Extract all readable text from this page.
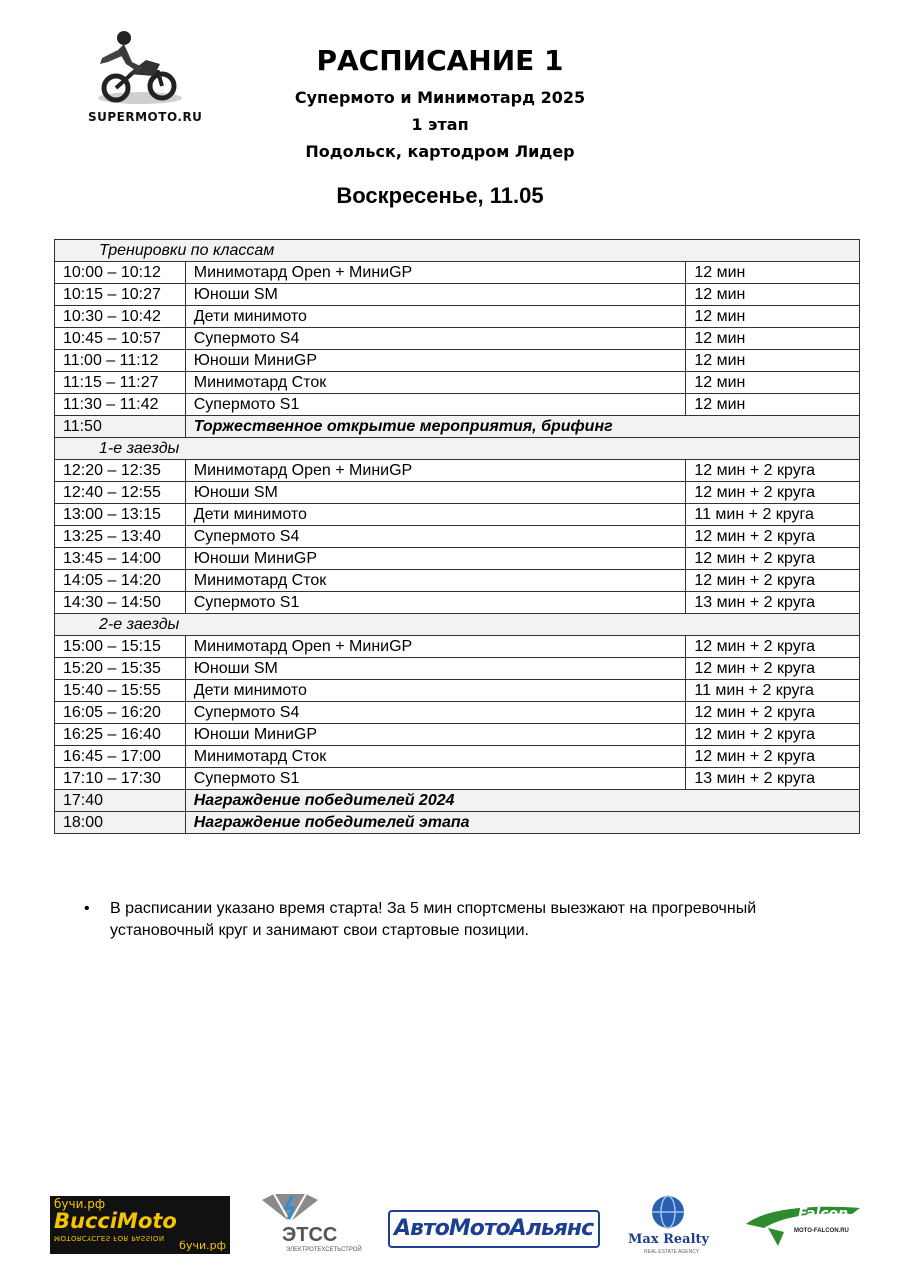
SUPERMOTO.RU
РАСПИСАНИЕ 1
Супермото и Минимотард 2025
1 этап
Подольск, картодром Лидер
Воскресенье, 11.05
Тренировки по классам		
10:00 – 10:12	Минимотард Open + МиниGP	12 мин
10:15 – 10:27	Юноши SM	12 мин
10:30 – 10:42	Дети минимото	12 мин
10:45 – 10:57	Супермото S4	12 мин
11:00 – 11:12	Юноши МиниGP	12 мин
11:15 – 11:27	Минимотард Сток	12 мин
11:30 – 11:42	Супермото S1	12 мин
11:50	Торжественное открытие мероприятия, брифинг	
1-е заезды		
12:20 – 12:35	Минимотард Open + МиниGP	12 мин + 2 круга
12:40 – 12:55	Юноши SM	12 мин + 2 круга
13:00 – 13:15	Дети минимото	11 мин + 2 круга
13:25 – 13:40	Супермото S4	12 мин + 2 круга
13:45 – 14:00	Юноши МиниGP	12 мин + 2 круга
14:05 – 14:20	Минимотард Сток	12 мин + 2 круга
14:30 – 14:50	Супермото S1	13 мин + 2 круга
2-е заезды		
15:00 – 15:15	Минимотард Open + МиниGP	12 мин + 2 круга
15:20 – 15:35	Юноши SM	12 мин + 2 круга
15:40 – 15:55	Дети минимото	11 мин + 2 круга
16:05 – 16:20	Супермото S4	12 мин + 2 круга
16:25 – 16:40	Юноши МиниGP	12 мин + 2 круга
16:45 – 17:00	Минимотард Сток	12 мин + 2 круга
17:10 – 17:30	Супермото S1	13 мин + 2 круга
17:40	Награждение победителей 2024	
18:00	Награждение победителей этапа	
• В расписании указано время старта! За 5 мин спортсмены выезжают на прогревочный установочный круг и занимают свои стартовые позиции.
бучи.рф
BucciMoto
MOTORCYCLES FOR PASSION
бучи.рф	ЭТСС
ЭЛЕКТРОТЕХСЕТЬСТРОЙ
АвтоМотоАльянс	Max Realty
REAL ESTATE AGENCY
Falcon
MOTO-FALCON.RU
